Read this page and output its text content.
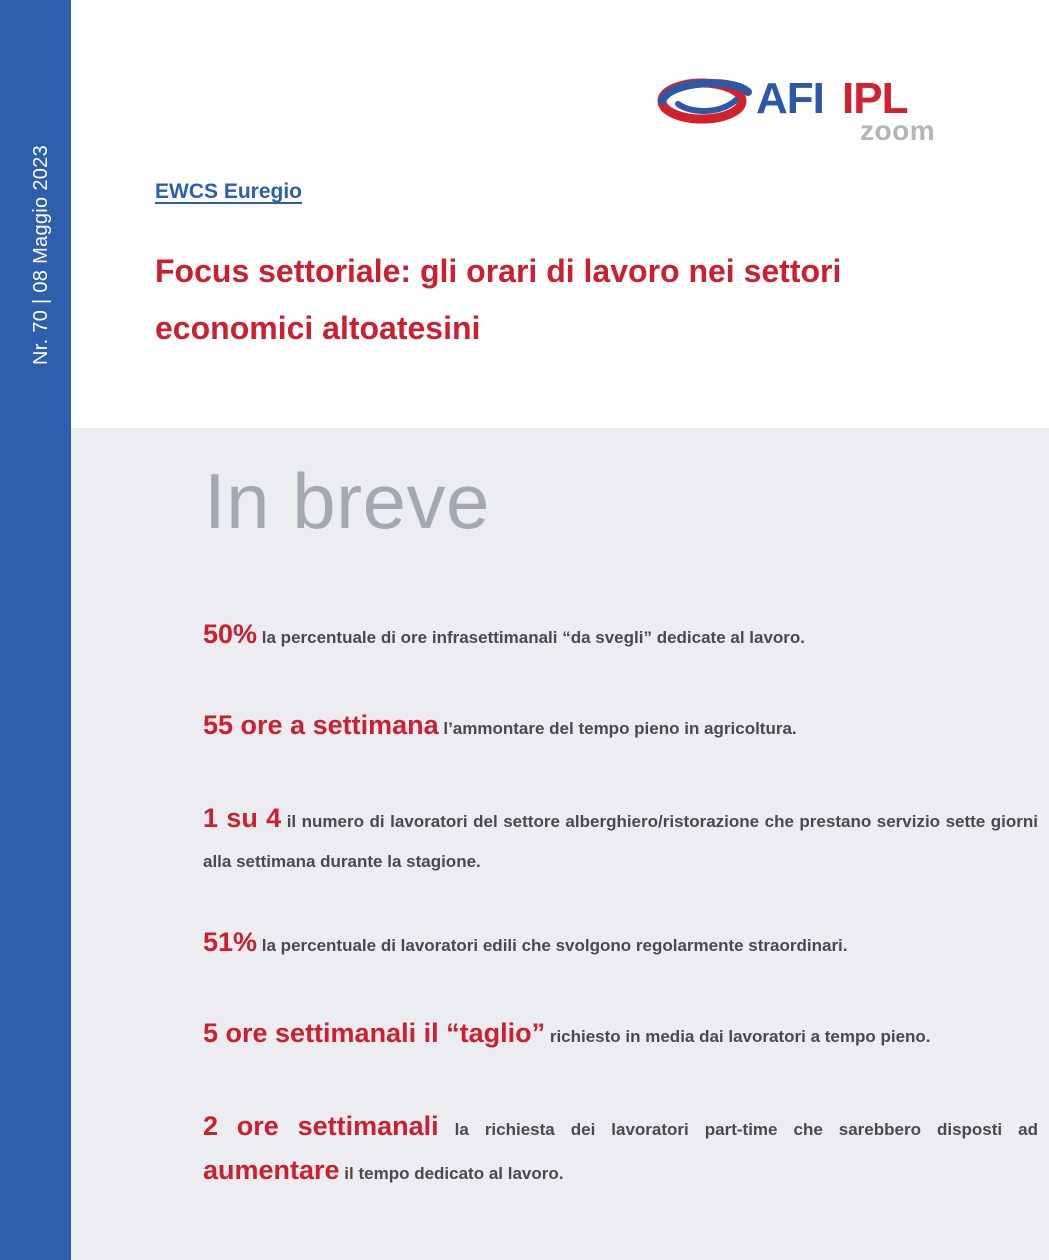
Nr. 70 | 08 Maggio 2023
AFI IPL
zoom
EWCS Euregio
Focus settoriale: gli orari di lavoro nei settori economici altoatesini
In breve

50% la percentuale di ore infrasettimanali “da svegli” dedicate al lavoro.

55 ore a settimana l’ammontare del tempo pieno in agricoltura.

1 su 4 il numero di lavoratori del settore alberghiero/ristorazione che prestano servizio sette giorni alla settimana durante la stagione.

51% la percentuale di lavoratori edili che svolgono regolarmente straordinari.

5 ore settimanali il “taglio” richiesto in media dai lavoratori a tempo pieno.

2 ore settimanali la richiesta dei lavoratori part-time che sarebbero disposti ad aumentare il tempo dedicato al lavoro.
